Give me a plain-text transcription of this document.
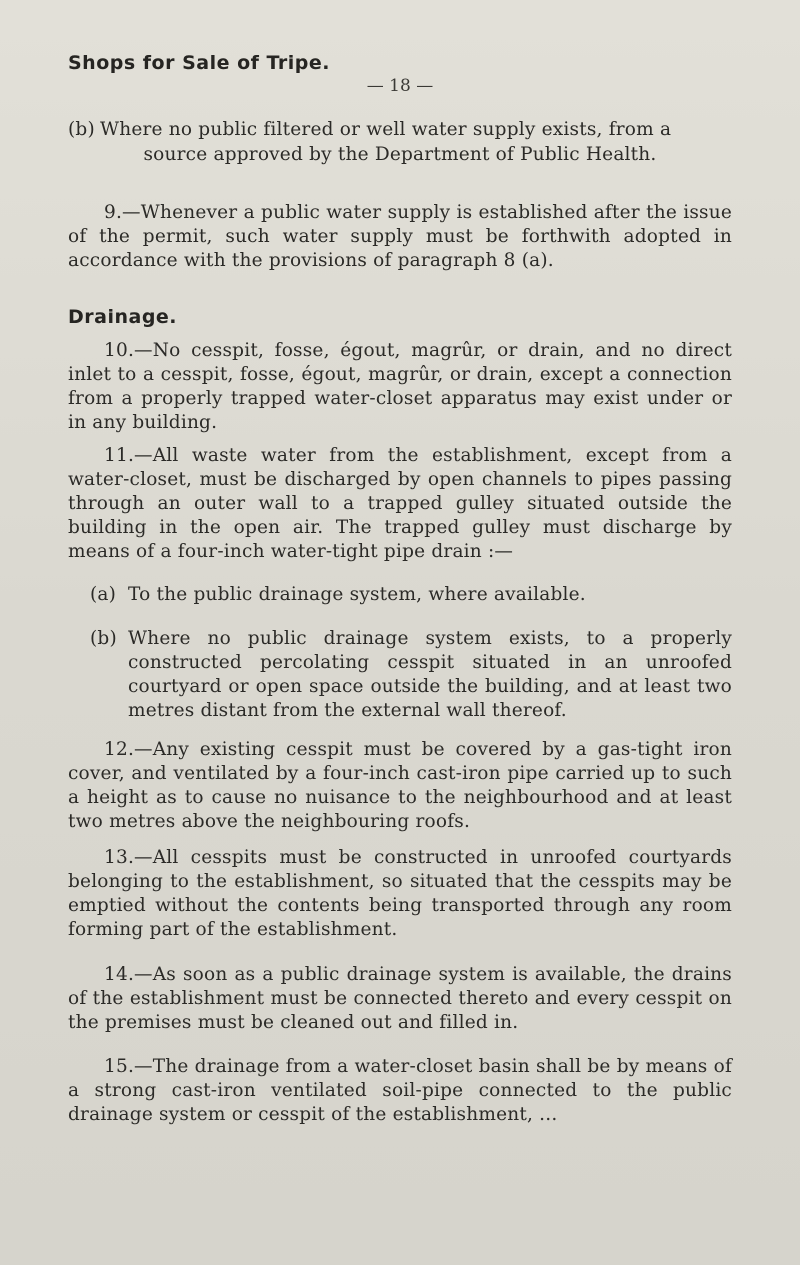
Shops for Sale of Tripe.
— 18 —
(b) Where no public filtered or well water supply exists, from a
source approved by the Department of Public Health.

9.—Whenever a public water supply is established after the issue of the permit, such water supply must be forthwith adopted in accordance with the provisions of paragraph 8 (a).

Drainage.

10.—No cesspit, fosse, égout, magrûr, or drain, and no direct inlet to a cesspit, fosse, égout, magrûr, or drain, except a connection from a properly trapped water-closet apparatus may exist under or in any building.

11.—All waste water from the establishment, except from a water-closet, must be discharged by open channels to pipes passing through an outer wall to a trapped gulley situated outside the building in the open air. The trapped gulley must discharge by means of a four-inch water-tight pipe drain :—

(a) To the public drainage system, where available.
(b) Where no public drainage system exists, to a properly constructed percolating cesspit situated in an unroofed courtyard or open space outside the building, and at least two metres distant from the external wall thereof.

12.—Any existing cesspit must be covered by a gas-tight iron cover, and ventilated by a four-inch cast-iron pipe carried up to such a height as to cause no nuisance to the neighbourhood and at least two metres above the neighbouring roofs.

13.—All cesspits must be constructed in unroofed courtyards belonging to the establishment, so situated that the cesspits may be emptied without the contents being transported through any room forming part of the establishment.

14.—As soon as a public drainage system is available, the drains of the establishment must be connected thereto and every cesspit on the premises must be cleaned out and filled in.

15.—The drainage from a water-closet basin shall be by means of a strong cast-iron ventilated soil-pipe connected to the public drainage system or cesspit of the establishment, ...
